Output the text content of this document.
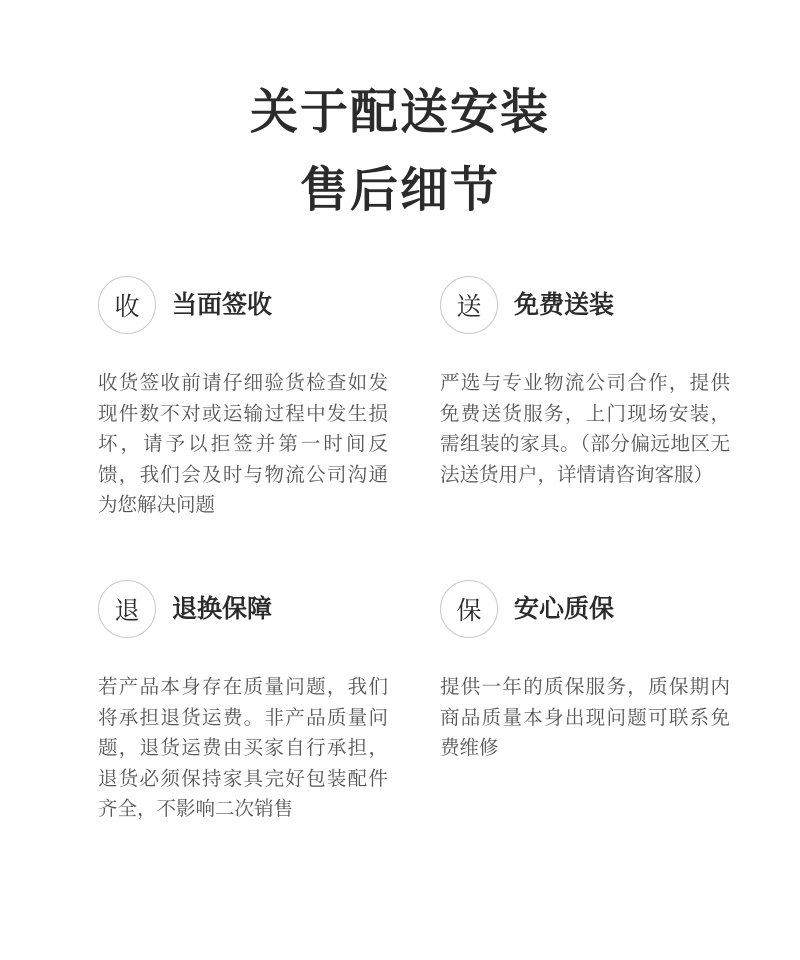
关于配送安装
售后细节
收	当面签收

收货签收前请仔细验货检查如发现件数不对或运输过程中发生损坏，请予以拒签并第一时间反馈，我们会及时与物流公司沟通为您解决问题

送	免费送装

严选与专业物流公司合作，提供免费送货服务，上门现场安装，需组装的家具。（部分偏远地区无法送货用户，详情请咨询客服）

退	退换保障

若产品本身存在质量问题，我们将承担退货运费。非产品质量问题，退货运费由买家自行承担，退货必须保持家具完好包装配件齐全，不影响二次销售

保	安心质保

提供一年的质保服务，质保期内商品质量本身出现问题可联系免费维修
